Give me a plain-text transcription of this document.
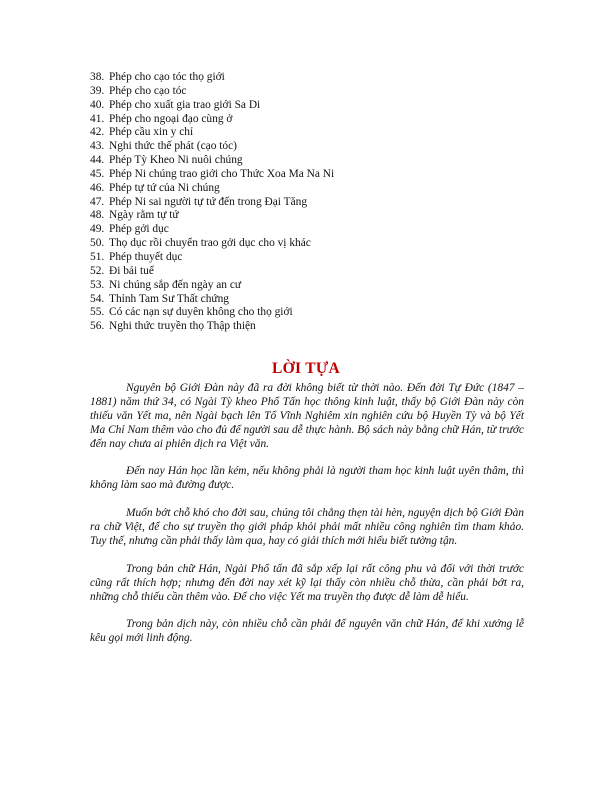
38. Phép cho cạo tóc thọ giới
39. Phép cho cạo tóc
40. Phép cho xuất gia trao giới Sa Di
41. Phép cho ngoại đạo cùng ở
42. Phép cầu xin y chỉ
43. Nghi thức thế phát (cạo tóc)
44. Phép Tỳ Kheo Ni nuôi chúng
45. Phép Ni chúng trao giới cho Thức Xoa Ma Na Ni
46. Phép tự tứ của Ni chúng
47. Phép Ni sai người tự tứ đến trong Đại Tăng
48. Ngày rằm tự tứ
49. Phép gởi dục
50. Thọ dục rồi chuyển trao gởi dục cho vị khác
51. Phép thuyết dục
52. Đi bái tuế
53. Ni chúng sắp đến ngày an cư
54. Thỉnh Tam Sư Thất chứng
55. Có các nạn sự duyên không cho thọ giới
56. Nghi thức truyền thọ Thập thiện
LỜI TỰA

Nguyên bộ Giới Đàn này đã ra đời không biết từ thời nào. Đến đời Tự Đức (1847 – 1881) năm thứ 34, có Ngài Tỳ kheo Phổ Tấn học thông kinh luật, thấy bộ Giới Đàn này còn thiếu văn Yết ma, nên Ngài bạch lên Tổ Vĩnh Nghiêm xin nghiên cứu bộ Huyền Tỳ và bộ Yết Ma Chỉ Nam thêm vào cho đủ để người sau dễ thực hành. Bộ sách này bằng chữ Hán, từ trước đến nay chưa ai phiên dịch ra Việt văn.

Đến nay Hán học lần kém, nếu không phải là người tham học kinh luật uyên thâm, thì không làm sao mà đường được.

Muốn bớt chỗ khó cho đời sau, chúng tôi chẳng thẹn tài hèn, nguyện dịch bộ Giới Đàn ra chữ Việt, để cho sự truyền thọ giới pháp khỏi phải mất nhiều công nghiên tìm tham khảo. Tuy thế, nhưng cần phải thấy làm qua, hay có giải thích mới hiểu biết tường tận.

Trong bản chữ Hán, Ngài Phổ tấn đã sắp xếp lại rất công phu và đối với thời trước cũng rất thích hợp; nhưng đến đời nay xét kỹ lại thấy còn nhiều chỗ thừa, cần phải bớt ra, những chỗ thiếu cần thêm vào. Để cho việc Yết ma truyền thọ được dễ làm dễ hiểu.

Trong bản dịch này, còn nhiều chỗ cần phải để nguyên văn chữ Hán, để khi xướng lễ kêu gọi mới linh động.
